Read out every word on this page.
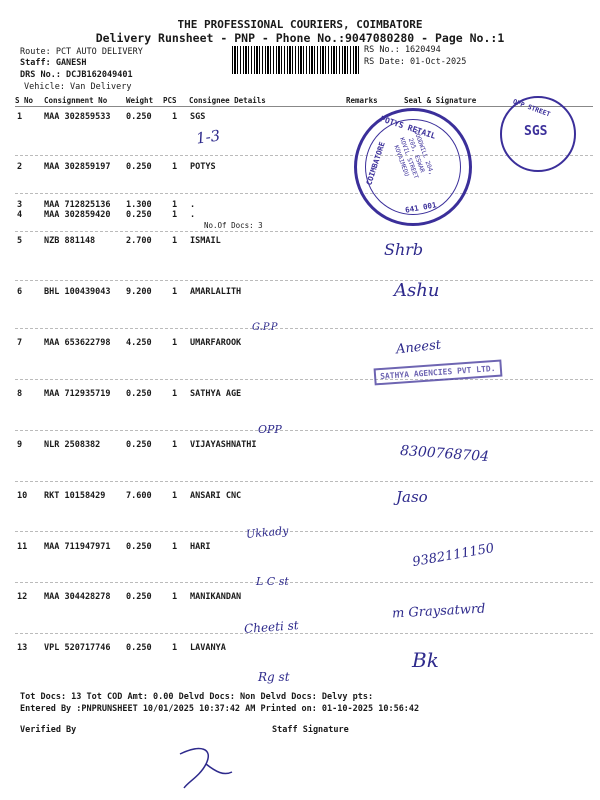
THE PROFESSIONAL COURIERS, COIMBATORE
Delivery Runsheet - PNP - Phone No.:9047080280 - Page No.:1
Route: PCT AUTO DELIVERY
Staff: GANESH
DRS No.: DCJB162049401
Vehicle: Van Delivery
RS No.: 1620494
RS Date: 01-Oct-2025
S No Consignment No	Weight PCS Consignee Details	Remarks	Seal & Signature
1	MAA 302859533 0.250 1 SGS
2	MAA 302859197 0.250 1 POTYS
3	MAA 712825136 1.300 1 .
4	MAA 302859420 0.250 1 .
No.Of Docs: 3
5	NZB 881148	2.700 1 ISMAIL
6	BHL 100439043 9.200 1 AMARLALITH
7	MAA 653622798 4.250 1 UMARFAROOK
8	MAA 712935719 0.250 1 SATHYA AGE
9	NLR 2508382	0.250 1 VIJAYASHNATHI
10 RKT 10158429 7.600 1 ANSARI CNC
11 MAA 711947971 0.250 1 HARI
12 MAA 304428278 0.250 1 MANIKANDAN
13 VPL 520717746 0.250 1 LAVANYA
POTYS RETAIL
COIMBATORE
641 001
GOODWILL 204, 205, ESWAR KOVIL STREET KOVAIMEDU
OPP STREET
SGS
SATHYA AGENCIES PVT LTD.
1-3
Shrb
Ashu
G.P.P
Aneest
OPP
8300768704
Jaso
Ukkady
9382111150
L C st
Cheeti st
m Graysatwrd
Bk
Rg st
Tot Docs: 13 Tot COD Amt: 0.00 Delvd Docs: Non Delvd Docs: Delvy pts:
Entered By :PNPRUNSHEET 10/01/2025 10:37:42 AM Printed on: 01-10-2025 10:56:42
Verified By	Staff Signature
